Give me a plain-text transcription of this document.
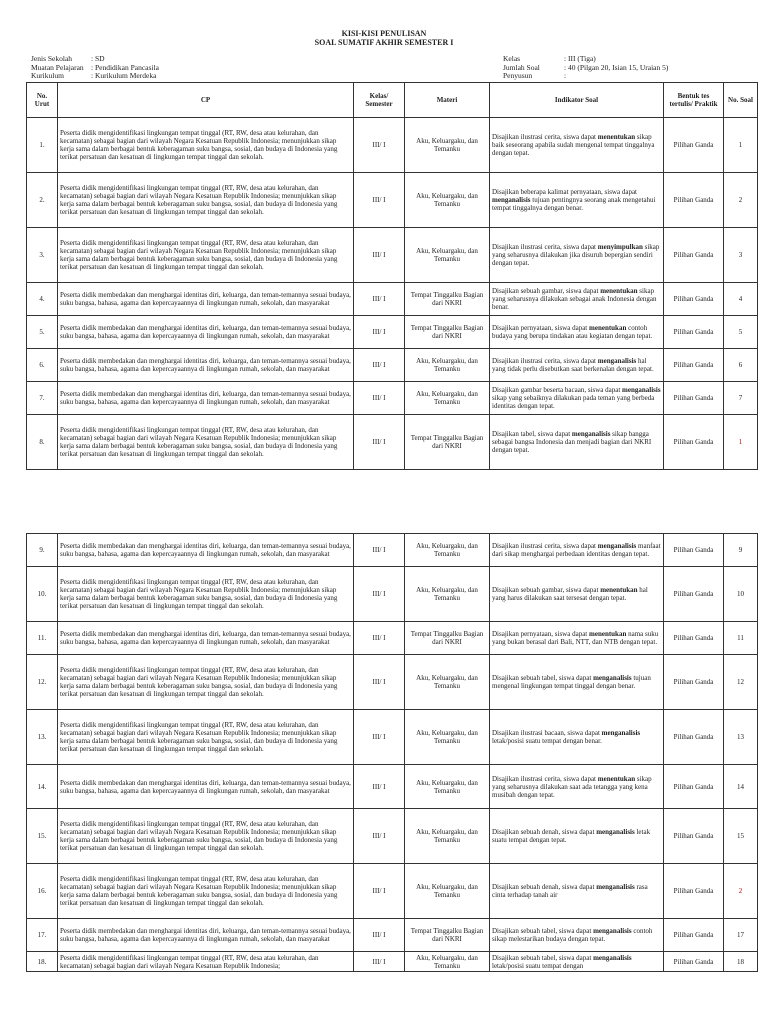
KISI-KISI PENULISAN
SOAL SUMATIF AKHIR SEMESTER I
Jenis Sekolah	: SD
Muatan Pelajaran : Pendidikan Pancasila
Kurikulum	: Kurikulum Merdeka
Kelas	: III (Tiga)
Jumlah Soal	: 40 (Pilgan 20, Isian 15, Uraian 5)
Penyusun	:
No. Urut	CP	Kelas/ Semester	Materi	Indikator Soal	Bentuk tes tertulis/ Praktik	No. Soal
1.	Peserta didik mengidentifikasi lingkungan tempat tinggal (RT, RW, desa atau kelurahan, dan kecamatan) sebagai bagian dari wilayah Negara Kesatuan Republik Indonesia; menunjukkan sikap kerja sama dalam berbagai bentuk keberagaman suku bangsa, sosial, dan budaya di Indonesia yang terikat persatuan dan kesatuan di lingkungan tempat tinggal dan sekolah.	III/ I	Aku, Keluargaku, dan Temanku	Disajikan ilustrasi cerita, siswa dapat menentukan sikap baik seseorang apabila sudah mengenal tempat tinggalnya dengan tepat.	Pilihan Ganda	1
2.	Peserta didik mengidentifikasi lingkungan tempat tinggal (RT, RW, desa atau kelurahan, dan kecamatan) sebagai bagian dari wilayah Negara Kesatuan Republik Indonesia; menunjukkan sikap kerja sama dalam berbagai bentuk keberagaman suku bangsa, sosial, dan budaya di Indonesia yang terikat persatuan dan kesatuan di lingkungan tempat tinggal dan sekolah.	III/ I	Aku, Keluargaku, dan Temanku	Disajikan beberapa kalimat pernyataan, siswa dapat menganalisis tujuan pentingnya seorang anak mengetahui tempat tinggalnya dengan benar.	Pilihan Ganda	2
3.	Peserta didik mengidentifikasi lingkungan tempat tinggal (RT, RW, desa atau kelurahan, dan kecamatan) sebagai bagian dari wilayah Negara Kesatuan Republik Indonesia; menunjukkan sikap kerja sama dalam berbagai bentuk keberagaman suku bangsa, sosial, dan budaya di Indonesia yang terikat persatuan dan kesatuan di lingkungan tempat tinggal dan sekolah.	III/ I	Aku, Keluargaku, dan Temanku	Disajikan ilustrasi cerita, siswa dapat menyimpulkan sikap yang seharusnya dilakukan jika disuruh bepergian sendiri dengan tepat.	Pilihan Ganda	3
4.	Peserta didik membedakan dan menghargai identitas diri, keluarga, dan teman-temannya sesuai budaya, suku bangsa, bahasa, agama dan kepercayaannya di lingkungan rumah, sekolah, dan masyarakat	III/ I	Tempat Tinggalku Bagian dari NKRI	Disajikan sebuah gambar, siswa dapat menentukan sikap yang seharusnya dilakukan sebagai anak Indonesia dengan benar.	Pilihan Ganda	4
5.	Peserta didik membedakan dan menghargai identitas diri, keluarga, dan teman-temannya sesuai budaya, suku bangsa, bahasa, agama dan kepercayaannya di lingkungan rumah, sekolah, dan masyarakat	III/ I	Tempat Tinggalku Bagian dari NKRI	Disajikan pernyataan, siswa dapat menentukan contoh budaya yang berupa tindakan atau kegiatan dengan tepat.	Pilihan Ganda	5
6.	Peserta didik membedakan dan menghargai identitas diri, keluarga, dan teman-temannya sesuai budaya, suku bangsa, bahasa, agama dan kepercayaannya di lingkungan rumah, sekolah, dan masyarakat	III/ I	Aku, Keluargaku, dan Temanku	Disajikan ilustrasi cerita, siswa dapat menganalisis hal yang tidak perlu disebutkan saat berkenalan dengan tepat.	Pilihan Ganda	6
7.	Peserta didik membedakan dan menghargai identitas diri, keluarga, dan teman-temannya sesuai budaya, suku bangsa, bahasa, agama dan kepercayaannya di lingkungan rumah, sekolah, dan masyarakat	III/ I	Aku, Keluargaku, dan Temanku	Disajikan gambar beserta bacaan, siswa dapat menganalisis sikap yang sebaiknya dilakukan pada teman yang berbeda identitas dengan tepat.	Pilihan Ganda	7
8.	Peserta didik mengidentifikasi lingkungan tempat tinggal (RT, RW, desa atau kelurahan, dan kecamatan) sebagai bagian dari wilayah Negara Kesatuan Republik Indonesia; menunjukkan sikap kerja sama dalam berbagai bentuk keberagaman suku bangsa, sosial, dan budaya di Indonesia yang terikat persatuan dan kesatuan di lingkungan tempat tinggal dan sekolah.	III/ I	Tempat Tinggalku Bagian dari NKRI	Disajikan tabel, siswa dapat menganalisis sikap bangga sebagai bangsa Indonesia dan menjadi bagian dari NKRI dengan tepat.	Pilihan Ganda	1
9.	Peserta didik membedakan dan menghargai identitas diri, keluarga, dan teman-temannya sesuai budaya, suku bangsa, bahasa, agama dan kepercayaannya di lingkungan rumah, sekolah, dan masyarakat	III/ I	Aku, Keluargaku, dan Temanku	Disajikan ilustrasi cerita, siswa dapat menganalisis manfaat dari sikap menghargai perbedaan identitas dengan tepat.	Pilihan Ganda	9
10.	Peserta didik mengidentifikasi lingkungan tempat tinggal (RT, RW, desa atau kelurahan, dan kecamatan) sebagai bagian dari wilayah Negara Kesatuan Republik Indonesia; menunjukkan sikap kerja sama dalam berbagai bentuk keberagaman suku bangsa, sosial, dan budaya di Indonesia yang terikat persatuan dan kesatuan di lingkungan tempat tinggal dan sekolah.	III/ I	Aku, Keluargaku, dan Temanku	Disajikan sebuah gambar, siswa dapat menentukan hal yang harus dilakukan saat tersesat dengan tepat.	Pilihan Ganda	10
11.	Peserta didik membedakan dan menghargai identitas diri, keluarga, dan teman-temannya sesuai budaya, suku bangsa, bahasa, agama dan kepercayaannya di lingkungan rumah, sekolah, dan masyarakat	III/ I	Tempat Tinggalku Bagian dari NKRI	Disajikan pernyataan, siswa dapat menentukan nama suku yang bukan berasal dari Bali, NTT, dan NTB dengan tepat.	Pilihan Ganda	11
12.	Peserta didik mengidentifikasi lingkungan tempat tinggal (RT, RW, desa atau kelurahan, dan kecamatan) sebagai bagian dari wilayah Negara Kesatuan Republik Indonesia; menunjukkan sikap kerja sama dalam berbagai bentuk keberagaman suku bangsa, sosial, dan budaya di Indonesia yang terikat persatuan dan kesatuan di lingkungan tempat tinggal dan sekolah.	III/ I	Aku, Keluargaku, dan Temanku	Disajikan sebuah tabel, siswa dapat menganalisis tujuan mengenal lingkungan tempat tinggal dengan benar.	Pilihan Ganda	12
13.	Peserta didik mengidentifikasi lingkungan tempat tinggal (RT, RW, desa atau kelurahan, dan kecamatan) sebagai bagian dari wilayah Negara Kesatuan Republik Indonesia; menunjukkan sikap kerja sama dalam berbagai bentuk keberagaman suku bangsa, sosial, dan budaya di Indonesia yang terikat persatuan dan kesatuan di lingkungan tempat tinggal dan sekolah.	III/ I	Aku, Keluargaku, dan Temanku	Disajikan ilustrasi bacaan, siswa dapat menganalisis letak/posisi suatu tempat dengan benar.	Pilihan Ganda	13
14.	Peserta didik membedakan dan menghargai identitas diri, keluarga, dan teman-temannya sesuai budaya, suku bangsa, bahasa, agama dan kepercayaannya di lingkungan rumah, sekolah, dan masyarakat	III/ I	Aku, Keluargaku, dan Temanku	Disajikan ilustrasi cerita, siswa dapat menentukan sikap yang seharusnya dilakukan saat ada tetangga yang kena musibah dengan tepat.	Pilihan Ganda	14
15.	Peserta didik mengidentifikasi lingkungan tempat tinggal (RT, RW, desa atau kelurahan, dan kecamatan) sebagai bagian dari wilayah Negara Kesatuan Republik Indonesia; menunjukkan sikap kerja sama dalam berbagai bentuk keberagaman suku bangsa, sosial, dan budaya di Indonesia yang terikat persatuan dan kesatuan di lingkungan tempat tinggal dan sekolah.	III/ I	Aku, Keluargaku, dan Temanku	Disajikan sebuah denah, siswa dapat menganalisis letak suatu tempat dengan tepat.	Pilihan Ganda	15
16.	Peserta didik mengidentifikasi lingkungan tempat tinggal (RT, RW, desa atau kelurahan, dan kecamatan) sebagai bagian dari wilayah Negara Kesatuan Republik Indonesia; menunjukkan sikap kerja sama dalam berbagai bentuk keberagaman suku bangsa, sosial, dan budaya di Indonesia yang terikat persatuan dan kesatuan di lingkungan tempat tinggal dan sekolah.	III/ I	Aku, Keluargaku, dan Temanku	Disajikan sebuah denah, siswa dapat menganalisis rasa cinta terhadap tanah air	Pilihan Ganda	2
17.	Peserta didik membedakan dan menghargai identitas diri, keluarga, dan teman-temannya sesuai budaya, suku bangsa, bahasa, agama dan kepercayaannya di lingkungan rumah, sekolah, dan masyarakat	III/ I	Tempat Tinggalku Bagian dari NKRI	Disajikan sebuah tabel, siswa dapat menganalisis contoh sikap melestarikan budaya dengan tepat.	Pilihan Ganda	17
18.	Peserta didik mengidentifikasi lingkungan tempat tinggal (RT, RW, desa atau kelurahan, dan kecamatan) sebagai bagian dari wilayah Negara Kesatuan Republik Indonesia;	III/ I	Aku, Keluargaku, dan Temanku	Disajikan sebuah tabel, siswa dapat menganalisis letak/posisi suatu tempat dengan	Pilihan Ganda	18
